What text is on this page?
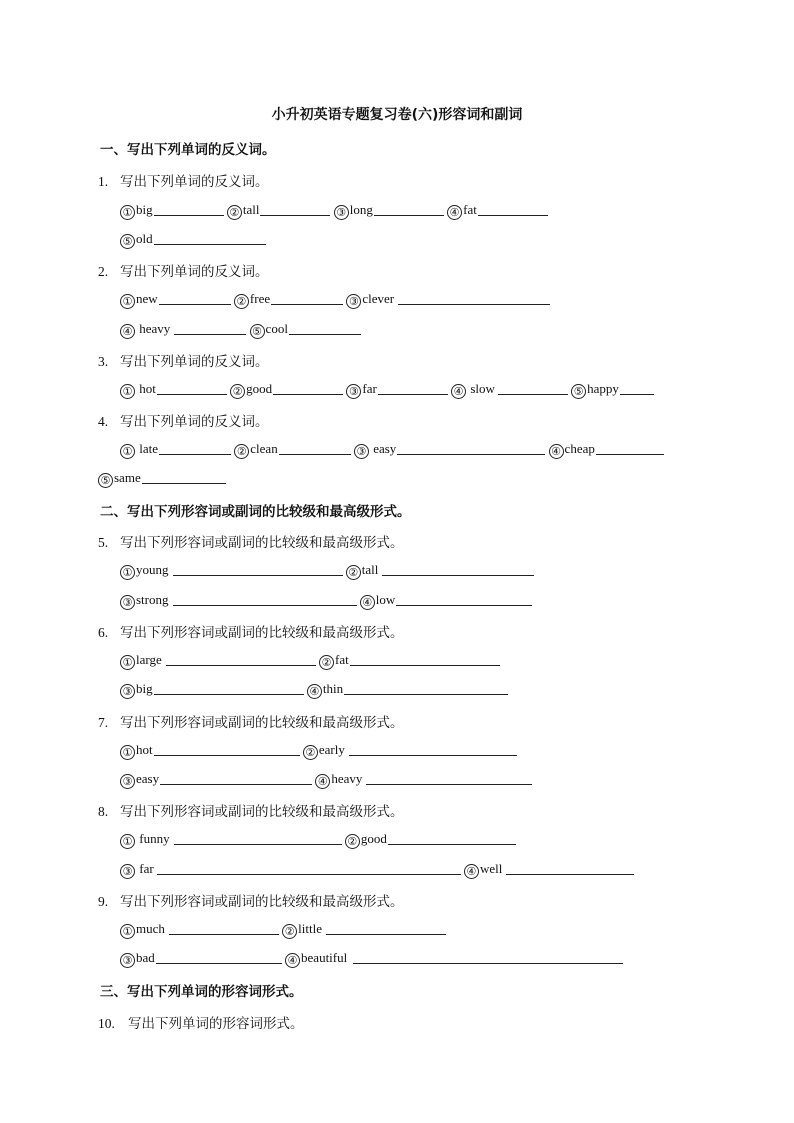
小升初英语专题复习卷(六)形容词和副词
一、写出下列单词的反义词。
1. 写出下列单词的反义词。
① big	② tall	③ long	④ fat
⑤ old
2. 写出下列单词的反义词。
① new	② free	③ clever
④ heavy	⑤ cool
3. 写出下列单词的反义词。
① hot	② good	③ far	④ slow	⑤ happy
4. 写出下列单词的反义词。
① late	② clean	③ easy	④ cheap
⑤ same
二、写出下列形容词或副词的比较级和最高级形式。
5. 写出下列形容词或副词的比较级和最高级形式。
① young	② tall
③ strong	④ low
6. 写出下列形容词或副词的比较级和最高级形式。
① large	② fat
③ big	④ thin
7. 写出下列形容词或副词的比较级和最高级形式。
① hot	② early
③ easy	④ heavy
8. 写出下列形容词或副词的比较级和最高级形式。
① funny	② good
③ far	④ well
9. 写出下列形容词或副词的比较级和最高级形式。
① much	② little
③ bad	④ beautiful
三、写出下列单词的形容词形式。
10. 写出下列单词的形容词形式。
